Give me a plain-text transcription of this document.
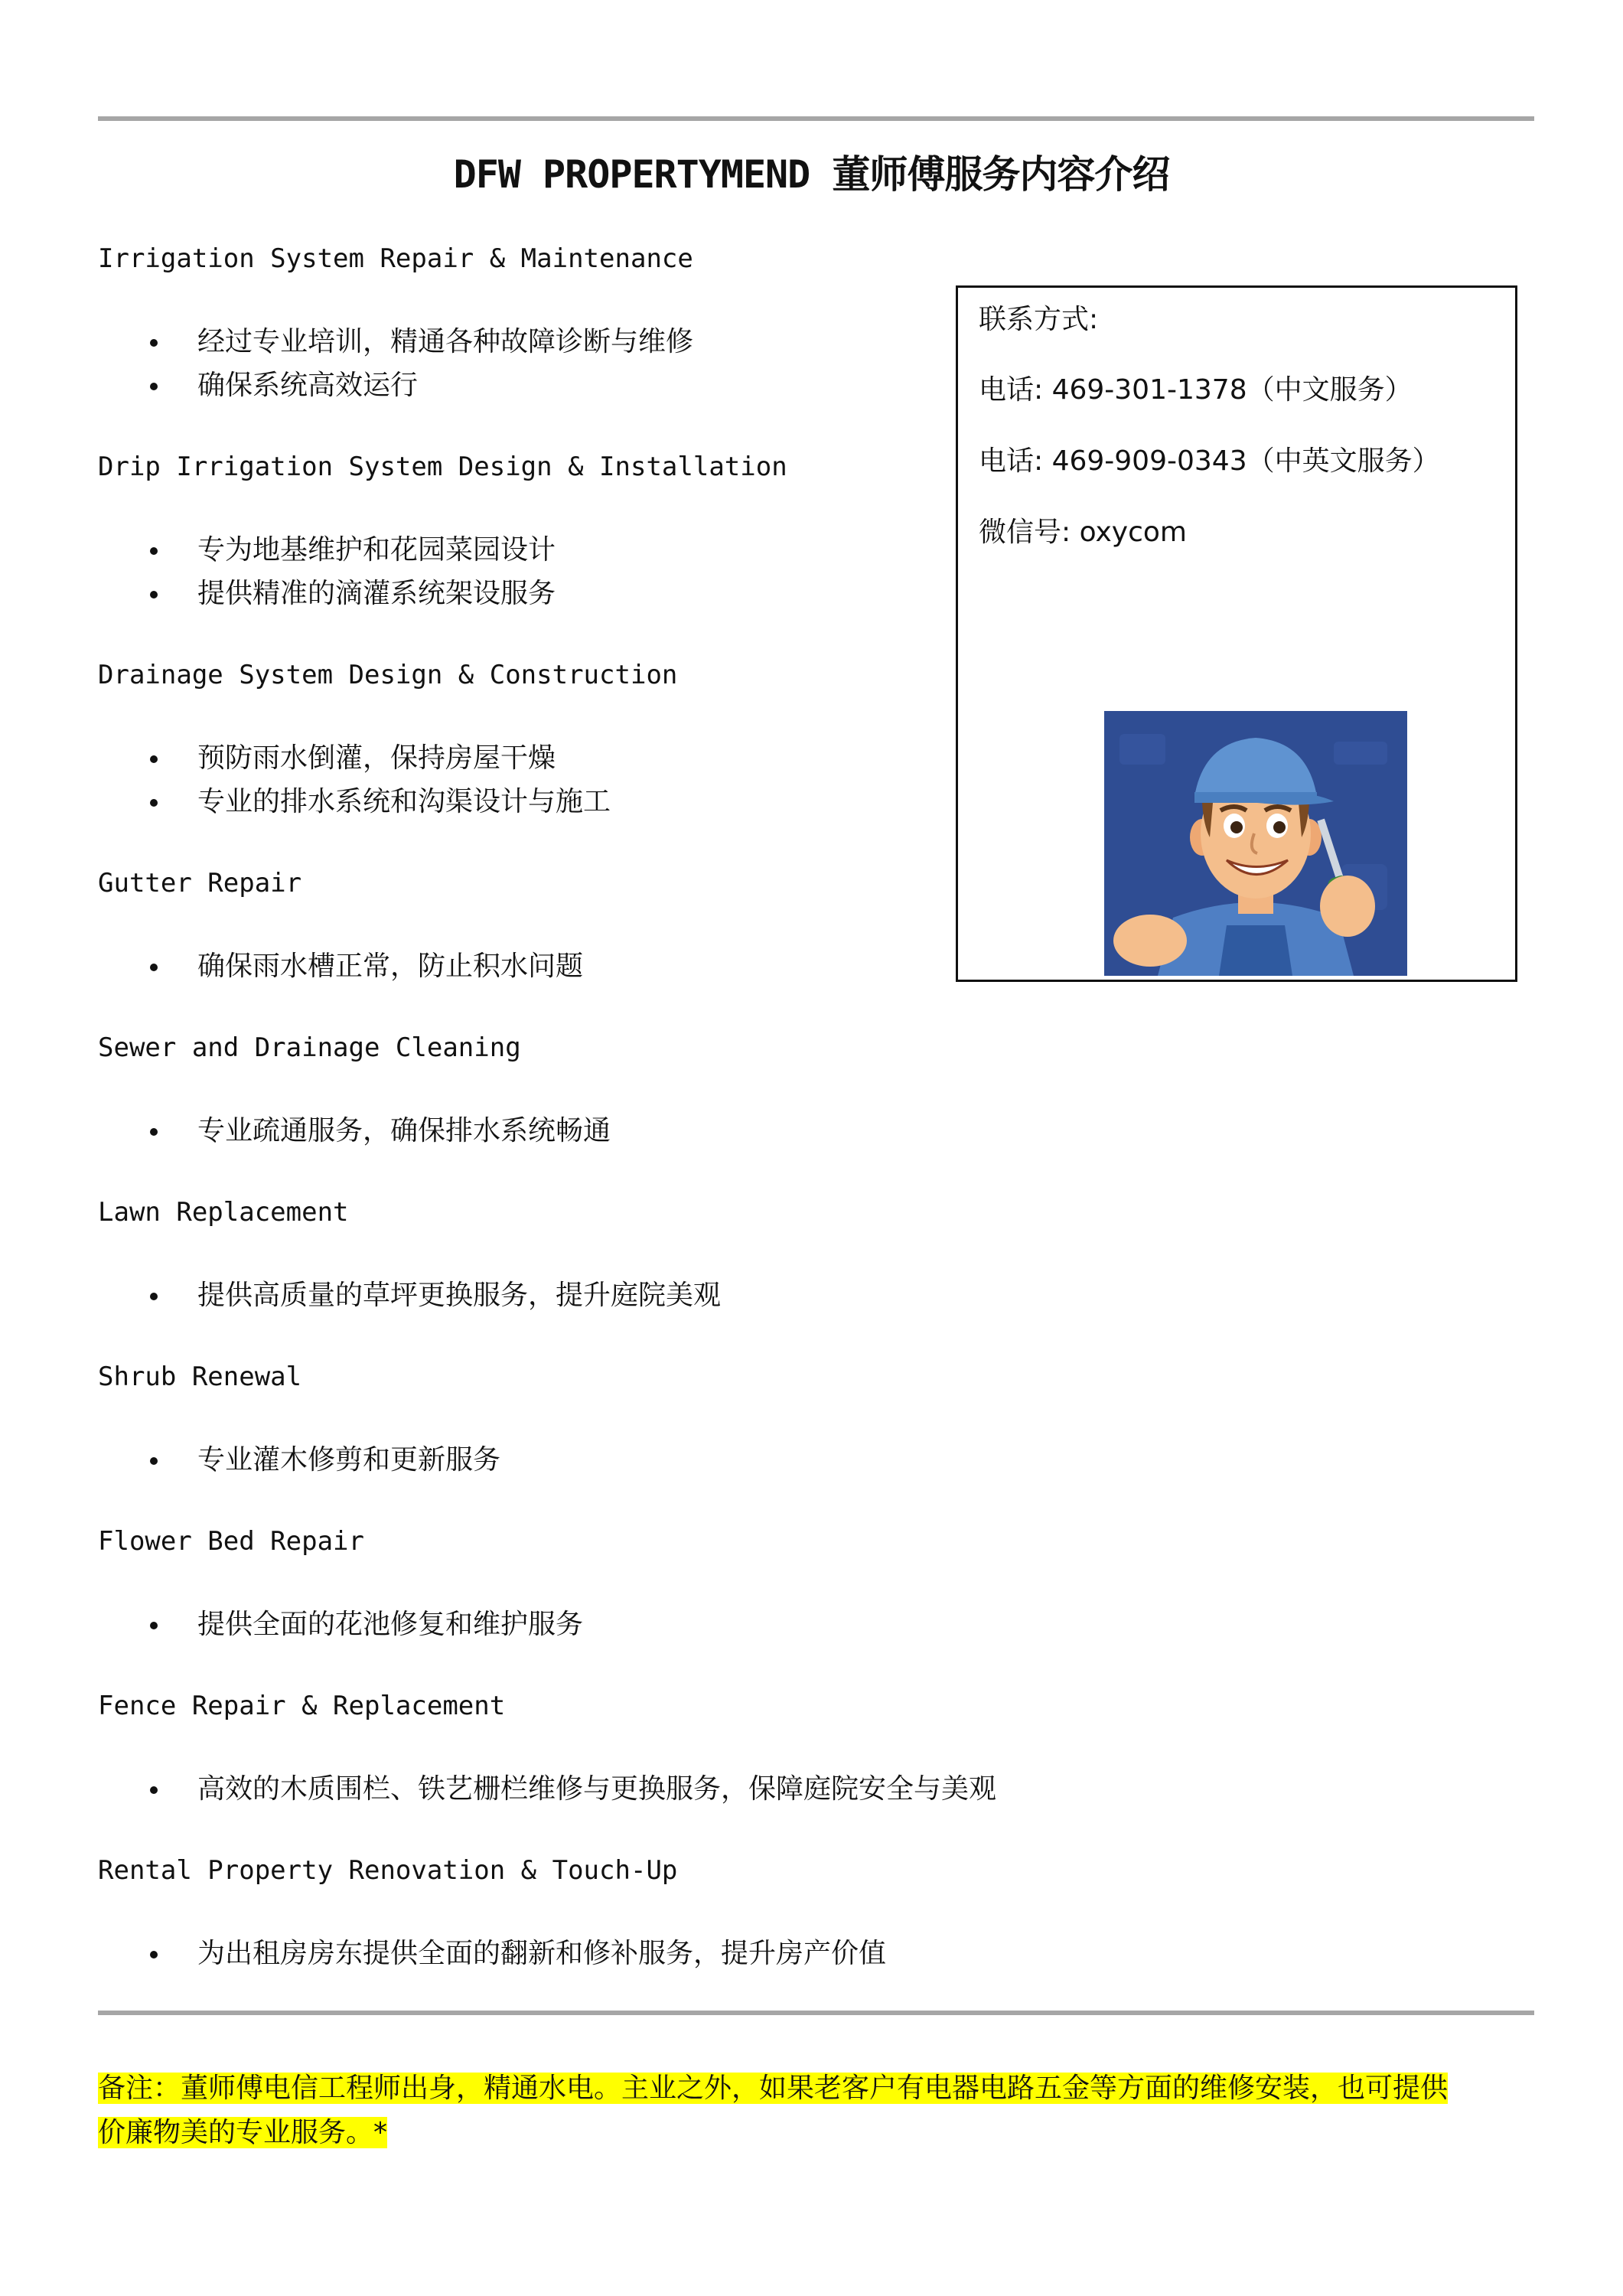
DFW PROPERTYMEND 董师傅服务内容介绍
Irrigation System Repair & Maintenance
经过专业培训，精通各种故障诊断与维修
确保系统高效运行
Drip Irrigation System Design & Installation
专为地基维护和花园菜园设计
提供精准的滴灌系统架设服务
Drainage System Design & Construction
预防雨水倒灌，保持房屋干燥
专业的排水系统和沟渠设计与施工
Gutter Repair
确保雨水槽正常，防止积水问题
Sewer and Drainage Cleaning
专业疏通服务，确保排水系统畅通
Lawn Replacement
提供高质量的草坪更换服务，提升庭院美观
Shrub Renewal
专业灌木修剪和更新服务
Flower Bed Repair
提供全面的花池修复和维护服务
Fence Repair & Replacement
高效的木质围栏、铁艺栅栏维修与更换服务，保障庭院安全与美观
Rental Property Renovation & Touch-Up
为出租房房东提供全面的翻新和修补服务，提升房产价值
联系方式:
电话: 469-301-1378（中文服务）
电话: 469-909-0343（中英文服务）
微信号: oxycom
备注：董师傅电信工程师出身，精通水电。主业之外，如果老客户有电器电路五金等方面的维修安装，也可提供
价廉物美的专业服务。*
